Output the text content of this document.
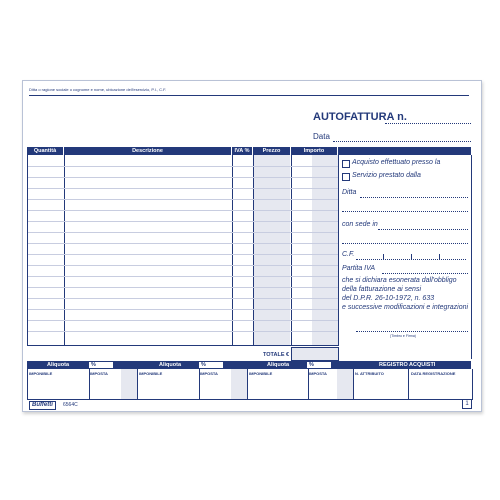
Ditta o ragione sociale o cognome e nome, ubicazione dell'esercizio, P.I., C.F.
AUTOFATTURA n.
Data
Quantità	Descrizione	IVA %	Prezzo	Importo
TOTALE €
Acquisto effettuato presso la
Servizio prestato dalla
Ditta
con sede in
C.F.
Partita IVA
che si dichiara esonerata dall'obbligo
della fatturazione ai sensi
del D.P.R. 26-10-1972, n. 633
e successive modificazioni e integrazioni
(Timbro e Firma)
Aliquota	%
IMPONIBILE	IMPOSTA
Aliquota	%
IMPONIBILE	IMPOSTA
Aliquota	%
IMPONIBILE	IMPOSTA
REGISTRO ACQUISTI
N. ATTRIBUITO	DATA REGISTRAZIONE
Buffetti	6564C	1
